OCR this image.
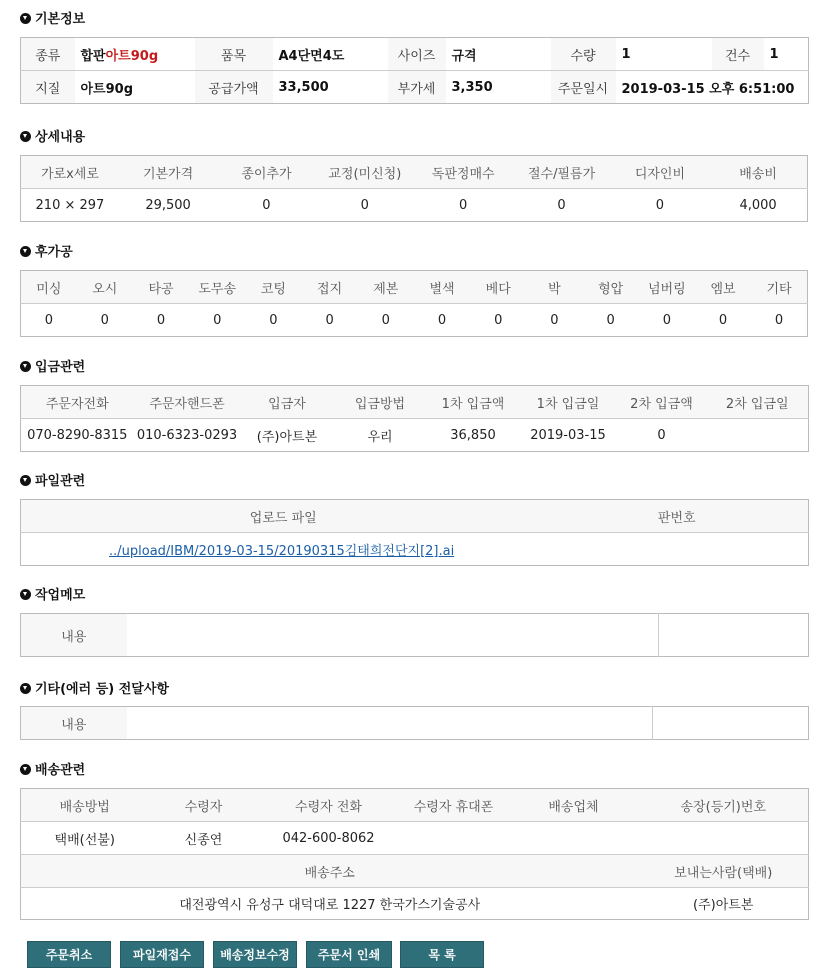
기본정보
종류	합판아트90g	품목	A4단면4도	사이즈	규격	수량	1	건수	1
지질	아트90g	공급가액	33,500	부가세	3,350	주문일시	2019-03-15 오후 6:51:00		
상세내용
가로x세로	기본가격	종이추가	교정(미신청)	독판정매수	절수/필름가	디자인비	배송비
210 × 297	29,500	0	0	0	0	0	4,000
후가공
미싱	오시	타공	도무송	코팅	접지	제본	별색	베다	박	형압	넘버링	엠보	기타
0	0	0	0	0	0	0	0	0	0	0	0	0	0
입금관련
주문자전화	주문자핸드폰	입금자	입금방법	1차 입금액	1차 입금일	2차 입금액	2차 입금일
070-8290-8315	010-6323-0293	(주)아트본	우리	36,850	2019-03-15	0	
파일관련
업로드 파일	판번호
../upload/IBM/2019-03-15/20190315김태희전단지[2].ai	
작업메모
내용		
기타(에러 등) 전달사항
내용		
배송관련
배송방법	수령자	수령자 전화	수령자 휴대폰	배송업체	송장(등기)번호
택배(선불)	신종연	042-600-8062			
배송주소					보내는사람(택배)
대전광역시 유성구 대덕대로 1227 한국가스기술공사					(주)아트본
주문취소	파일재접수	배송정보수정	주문서 인쇄	목 록
